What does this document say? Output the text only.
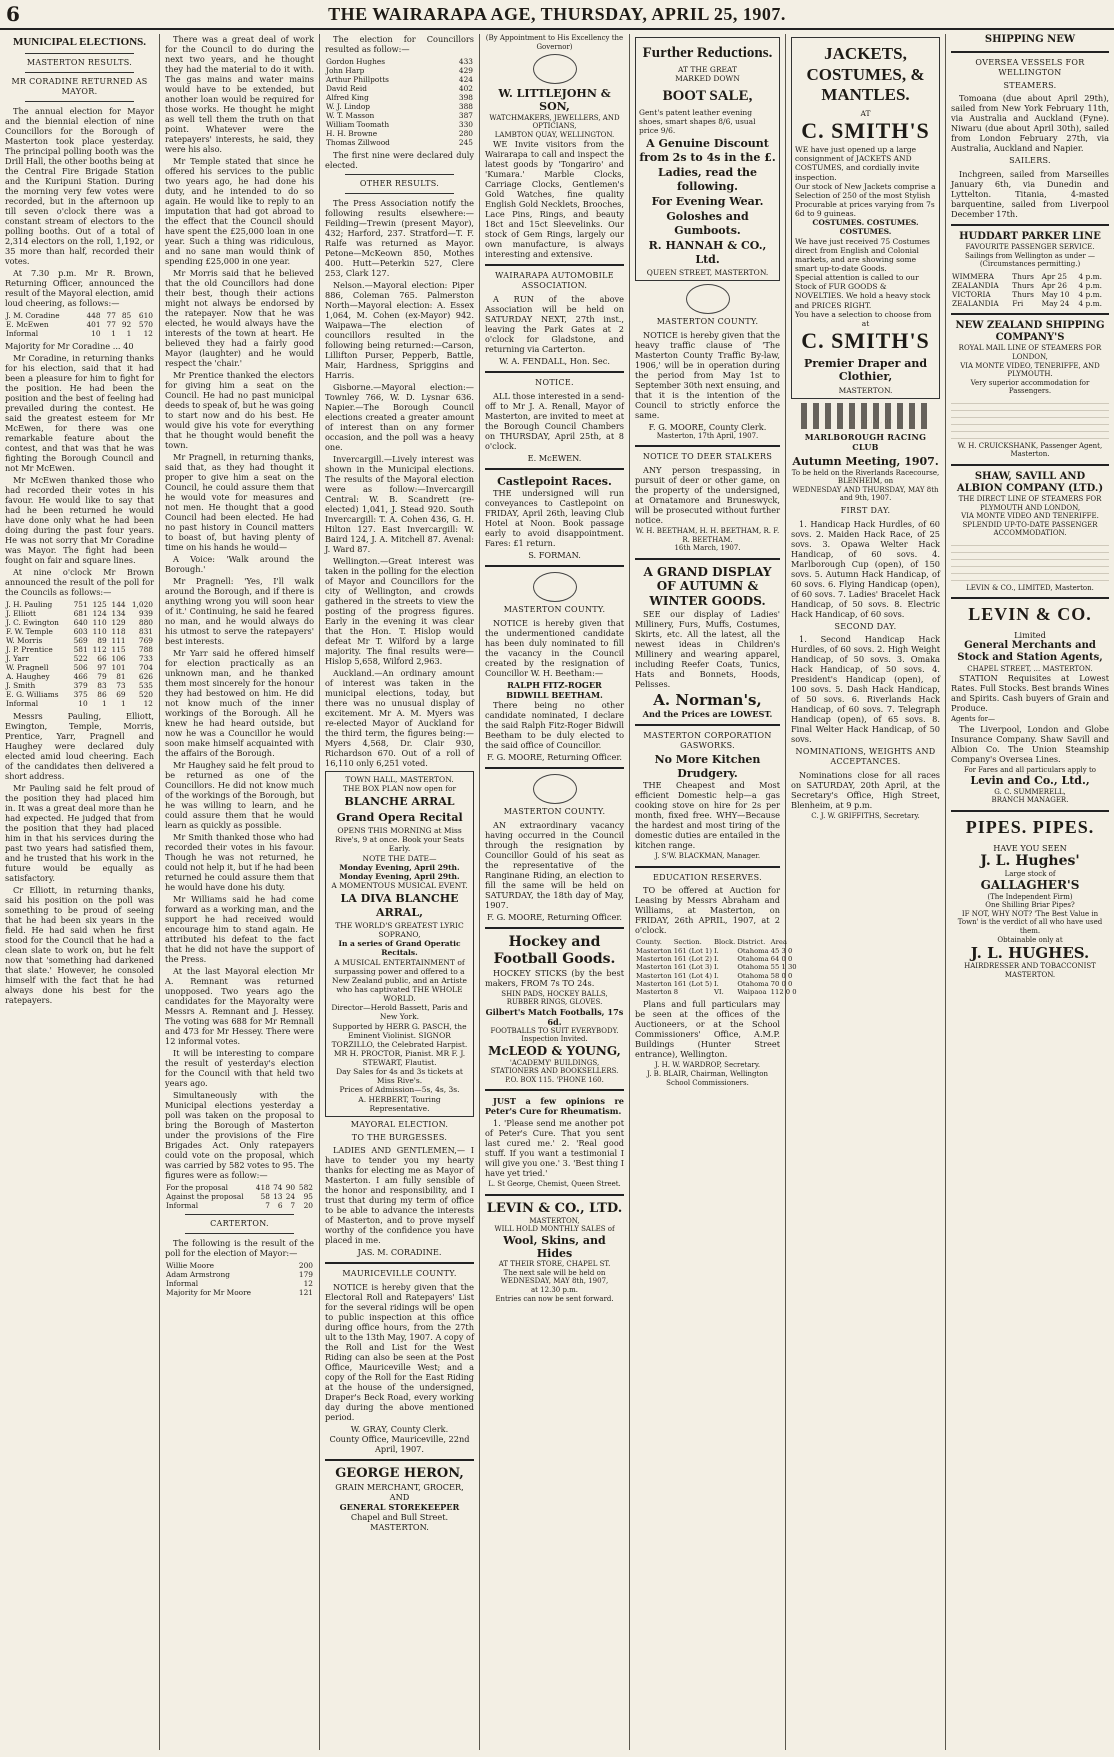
6	THE WAIRARAPA AGE, THURSDAY, APRIL 25, 1907.
MUNICIPAL ELECTIONS.
MASTERTON RESULTS.
MR CORADINE RETURNED AS MAYOR.

The annual election for Mayor and the biennial election of nine Councillors for the Borough of Masterton took place yesterday. The principal polling booth was the Drill Hall, the other booths being at the Central Fire Brigade Station and the Kuripuni Station. During the morning very few votes were recorded, but in the afternoon up till seven o'clock there was a constant stream of electors to the polling booths. Out of a total of 2,314 electors on the roll, 1,192, or 35 more than half, recorded their votes.

At 7.30 p.m. Mr R. Brown, Returning Officer, announced the result of the Mayoral election, amid loud cheering, as follows:—

J. M. Coradine	448	77	85	610
E. McEwen	401	77	92	570
Informal	10	1	1	12

Majority for Mr Coradine ... 40

Mr Coradine, in returning thanks for his election, said that it had been a pleasure for him to fight for the position. He had been the position and the best of feeling had prevailed during the contest. He said the greatest esteem for Mr McEwen, for there was one remarkable feature about the contest, and that was that he was fighting the Borough Council and not Mr McEwen.

Mr McEwen thanked those who had recorded their votes in his favour. He would like to say that had he been returned he would have done only what he had been doing during the past four years. He was not sorry that Mr Coradine was Mayor. The fight had been fought on fair and square lines.

At nine o'clock Mr Brown announced the result of the poll for the Councils as follows:—

J. H. Pauling	751	125	144	1,020
J. Elliott	681	124	134	939
J. C. Ewington	640	110	129	880
F. W. Temple	603	110	118	831
W. Morris	569	89	111	769
J. P. Prentice	581	112	115	788
J. Yarr	522	66	106	733
W. Pragnell	506	97	101	704
A. Haughey	466	79	81	626
J. Smith	379	83	73	535
E. G. Williams	375	86	69	520
Informal	10	1	1	12

Messrs Pauling, Elliott, Ewington, Temple, Morris, Prentice, Yarr, Pragnell and Haughey were declared duly elected amid loud cheering. Each of the candidates then delivered a short address.

Mr Pauling said he felt proud of the position they had placed him in. It was a great deal more than he had expected. He judged that from the position that they had placed him in that his services during the past two years had satisfied them, and he trusted that his work in the future would be equally as satisfactory.

Cr Elliott, in returning thanks, said his position on the poll was something to be proud of seeing that he had been six years in the field. He had said when he first stood for the Council that he had a clean slate to work on, but he felt now that 'something had darkened that slate.' However, he consoled himself with the fact that he had always done his best for the ratepayers.

There was a great deal of work for the Council to do during the next two years, and he thought they had the material to do it with. The gas mains and water mains would have to be extended, but another loan would be required for those works. He thought he might as well tell them the truth on that point. Whatever were the ratepayers' interests, he said, they were his also.

Mr Temple stated that since he offered his services to the public two years ago, he had done his duty, and he intended to do so again. He would like to reply to an imputation that had got abroad to the effect that the Council should have spent the £25,000 loan in one year. Such a thing was ridiculous, and no sane man would think of spending £25,000 in one year.

Mr Morris said that he believed that the old Councillors had done their best, though their actions might not always be endorsed by the ratepayer. Now that he was elected, he would always have the interests of the town at heart. He believed they had a fairly good Mayor (laughter) and he would respect the 'chair.'

Mr Prentice thanked the electors for giving him a seat on the Council. He had no past municipal deeds to speak of, but he was going to start now and do his best. He would give his vote for everything that he thought would benefit the town.

Mr Pragnell, in returning thanks, said that, as they had thought it proper to give him a seat on the Council, he could assure them that he would vote for measures and not men. He thought that a good Council had been elected. He had no past history in Council matters to boast of, but having plenty of time on his hands he would—

A Voice: 'Walk around the Borough.'

Mr Pragnell: 'Yes, I'll walk around the Borough, and if there is anything wrong you will soon hear of it.' Continuing, he said he feared no man, and he would always do his utmost to serve the ratepayers' best interests.

Mr Yarr said he offered himself for election practically as an unknown man, and he thanked them most sincerely for the honour they had bestowed on him. He did not know much of the inner workings of the Borough. All he knew he had heard outside, but now he was a Councillor he would soon make himself acquainted with the affairs of the Borough.

Mr Haughey said he felt proud to be returned as one of the Councillors. He did not know much of the workings of the Borough, but he was willing to learn, and he could assure them that he would learn as quickly as possible.

Mr Smith thanked those who had recorded their votes in his favour. Though he was not returned, he could not help it, but if he had been returned he could assure them that he would have done his duty.

Mr Williams said he had come forward as a working man, and the support he had received would encourage him to stand again. He attributed his defeat to the fact that he did not have the support of the Press.

At the last Mayoral election Mr A. Remnant was returned unopposed. Two years ago the candidates for the Mayoralty were Messrs A. Remnant and J. Hessey. The voting was 688 for Mr Remnall and 473 for Mr Hessey. There were 12 informal votes.

It will be interesting to compare the result of yesterday's election for the Council with that held two years ago.

Simultaneously with the Municipal elections yesterday a poll was taken on the proposal to bring the Borough of Masterton under the provisions of the Fire Brigades Act. Only ratepayers could vote on the proposal, which was carried by 582 votes to 95. The figures were as follow:—

For the proposal	418	74	90	582
Against the proposal	58	13	24	95
Informal	7	6	7	20
CARTERTON.

The following is the result of the poll for the election of Mayor:—

Willie Moore	200
Adam Armstrong	179
Informal	12
Majority for Mr Moore	121

The election for Councillors resulted as follow:—

Gordon Hughes	433
John Harp	429
Arthur Phillpotts	424
David Reid	402
Alfred King	398
W. J. Lindop	388
W. T. Masson	387
William Toomath	330
H. H. Browne	280
Thomas Zillwood	245

The first nine were declared duly elected.

OTHER RESULTS.

The Press Association notify the following results elsewhere:— Feilding—Trewin (present Mayor), 432; Harford, 237. Stratford—T. F. Ralfe was returned as Mayor. Petone—McKeown 850, Mothes 400. Hutt—Peterkin 527, Clere 253, Clark 127.

Nelson.—Mayoral election: Piper 886, Coleman 765. Palmerston North—Mayoral election: A. Essex 1,064, M. Cohen (ex-Mayor) 942. Waipawa—The election of councillors resulted in the following being returned:—Carson, Lillifton Purser, Pepperb, Battle, Mair, Hardness, Spriggins and Harris.

Gisborne.—Mayoral election:—Townley 766, W. D. Lysnar 636. Napier.—The Borough Council elections created a greater amount of interest than on any former occasion, and the poll was a heavy one.

Invercargill.—Lively interest was shown in the Municipal elections. The results of the Mayoral election were as follow:—Invercargill Central: W. B. Scandrett (re-elected) 1,041, J. Stead 920. South Invercargill: T. A. Cohen 436, G. H. Hilton 127. East Invercargill: W. Baird 124, J. A. Mitchell 87. Avenal: J. Ward 87.

Wellington.—Great interest was taken in the polling for the election of Mayor and Councillors for the city of Wellington, and crowds gathered in the streets to view the posting of the progress figures. Early in the evening it was clear that the Hon. T. Hislop would defeat Mr T. Wilford by a large majority. The final results were—Hislop 5,658, Wilford 2,963.

Auckland.—An ordinary amount of interest was taken in the municipal elections, today, but there was no unusual display of excitement. Mr A. M. Myers was re-elected Mayor of Auckland for the third term, the figures being:—Myers 4,568, Dr. Clair 930, Richardson 670. Out of a roll of 16,110 only 6,251 voted.

TOWN HALL, MASTERTON.
THE BOX PLAN now open for
BLANCHE ARRAL
Grand Opera Recital
OPENS THIS MORNING at Miss Rive's, 9 at once. Book your Seats Early.
NOTE THE DATE—
Monday Evening, April 29th. Monday Evening, April 29th.
A MOMENTOUS MUSICAL EVENT.
LA DIVA BLANCHE ARRAL,
THE WORLD'S GREATEST LYRIC SOPRANO,
In a series of Grand Operatic Recitals.
A MUSICAL ENTERTAINMENT of surpassing power and offered to a New Zealand public, and an Artiste who has captivated THE WHOLE WORLD.
Director—Herold Bassett, Paris and New York.
Supported by HERR G. PASCH, the Eminent Violinist. SIGNOR TORZILLO, the Celebrated Harpist. MR H. PROCTOR, Pianist. MR F. J. STEWART, Flautist.
Day Sales for 4s and 3s tickets at Miss Rive's.
Prices of Admission—5s, 4s, 3s.
A. HERBERT, Touring Representative.
MAYORAL ELECTION.
TO THE BURGESSES.

LADIES AND GENTLEMEN,— I have to tender you my hearty thanks for electing me as Mayor of Masterton. I am fully sensible of the honor and responsibility, and I trust that during my term of office to be able to advance the interests of Masterton, and to prove myself worthy of the confidence you have placed in me.

JAS. M. CORADINE.
MAURICEVILLE COUNTY.

NOTICE is hereby given that the Electoral Roll and Ratepayers' List for the several ridings will be open to public inspection at this office during office hours, from the 27th ult to the 13th May, 1907. A copy of the Roll and List for the West Riding can also be seen at the Post Office, Mauriceville West; and a copy of the Roll for the East Riding at the house of the undersigned, Draper's Beck Road, every working day during the above mentioned period.

W. GRAY, County Clerk.
County Office, Mauriceville, 22nd April, 1907.
GEORGE HERON,
GRAIN MERCHANT, GROCER, AND
GENERAL STOREKEEPER
Chapel and Bull Street. MASTERTON.
(By Appointment to His Excellency the Governor)
W. LITTLEJOHN & SON,
WATCHMAKERS, JEWELLERS, AND OPTICIANS,
LAMBTON QUAY, WELLINGTON.

WE Invite visitors from the Wairarapa to call and inspect the latest goods by 'Tongariro' and 'Kumara.' Marble Clocks, Carriage Clocks, Gentlemen's Gold Watches, fine quality English Gold Necklets, Brooches, Lace Pins, Rings, and beauty 18ct and 15ct Sleevelinks. Our stock of Gem Rings, largely our own manufacture, is always interesting and extensive.

WAIRARAPA AUTOMOBILE ASSOCIATION.

A RUN of the above Association will be held on SATURDAY NEXT, 27th inst., leaving the Park Gates at 2 o'clock for Gladstone, and returning via Carterton.

W. A. FENDALL, Hon. Sec.
NOTICE.

ALL those interested in a send-off to Mr J. A. Renall, Mayor of Masterton, are invited to meet at the Borough Council Chambers on THURSDAY, April 25th, at 8 o'clock.

E. McEWEN.
Castlepoint Races.

THE undersigned will run conveyances to Castlepoint on FRIDAY, April 26th, leaving Club Hotel at Noon. Book passage early to avoid disappointment. Fares: £1 return.

S. FORMAN.
MASTERTON COUNTY.

NOTICE is hereby given that the undermentioned candidate has been duly nominated to fill the vacancy in the Council created by the resignation of Councillor W. H. Beetham:—

RALPH FITZ-ROGER BIDWILL BEETHAM.

There being no other candidate nominated, I declare the said Ralph Fitz-Roger Bidwill Beetham to be duly elected to the said office of Councillor.

F. G. MOORE, Returning Officer.
MASTERTON COUNTY.

AN extraordinary vacancy having occurred in the Council through the resignation by Councillor Gould of his seat as the representative of the Ranginane Riding, an election to fill the same will be held on SATURDAY, the 18th day of May, 1907.

F. G. MOORE, Returning Officer.
Hockey and Football Goods.

HOCKEY STICKS (by the best makers, FROM 7s TO 24s.

SHIN PADS, HOCKEY BALLS, RUBBER RINGS, GLOVES.
Gilbert's Match Footballs, 17s 6d.
FOOTBALLS TO SUIT EVERYBODY.
Inspection Invited.
McLEOD & YOUNG,
'ACADEMY' BUILDINGS, STATIONERS AND BOOKSELLERS.
P.O. BOX 115. 'PHONE 160.

JUST a few opinions re Peter's Cure for Rheumatism.

1. 'Please send me another pot of Peter's Cure. That you sent last cured me.' 2. 'Real good stuff. If you want a testimonial I will give you one.' 3. 'Best thing I have yet tried.'

L. St George, Chemist, Queen Street.
LEVIN & CO., LTD.
MASTERTON,
WILL HOLD MONTHLY SALES of
Wool, Skins, and Hides
AT THEIR STORE, CHAPEL ST.
The next sale will be held on
WEDNESDAY, MAY 8th, 1907,
at 12.30 p.m.
Entries can now be sent forward.
Further Reductions.
AT THE GREAT
MARKED DOWN
BOOT SALE,
Gent's patent leather evening shoes, smart shapes 8/6, usual price 9/6.
A Genuine Discount from 2s to 4s in the £.
Ladies, read the following.
For Evening Wear.
Goloshes and Gumboots.
R. HANNAH & CO., Ltd.
QUEEN STREET, MASTERTON.
MASTERTON COUNTY.

NOTICE is hereby given that the heavy traffic clause of 'The Masterton County Traffic By-law, 1906,' will be in operation during the period from May 1st to September 30th next ensuing, and that it is the intention of the Council to strictly enforce the same.

F. G. MOORE, County Clerk.
Masterton, 17th April, 1907.
NOTICE TO DEER STALKERS

ANY person trespassing, in pursuit of deer or other game, on the property of the undersigned, at Ornatamore and Bruneswyck, will be prosecuted without further notice.

W. H. BEETHAM, H. H. BEETHAM, R. F. R. BEETHAM.
16th March, 1907.
A GRAND DISPLAY OF AUTUMN & WINTER GOODS.

SEE our display of Ladies' Millinery, Furs, Muffs, Costumes, Skirts, etc. All the latest, all the newest ideas in Children's Millinery and wearing apparel, including Reefer Coats, Tunics, Hats and Bonnets, Hoods, Pelisses.

A. Norman's,
And the Prices are LOWEST.
MASTERTON CORPORATION GASWORKS.
No More Kitchen Drudgery.

THE Cheapest and Most efficient Domestic help—a gas cooking stove on hire for 2s per month, fixed free. WHY—Because the hardest and most tiring of the domestic duties are entailed in the kitchen range.

J. S'W. BLACKMAN, Manager.
EDUCATION RESERVES.

TO be offered at Auction for Leasing by Messrs Abraham and Williams, at Masterton, on FRIDAY, 26th APRIL, 1907, at 2 o'clock.

County.	Section.	Block.	District.	Area
Masterton	161 (Lot 1)	I.	Otahoma	45 3 0
Masterton	161 (Lot 2)	I.	Otahoma	64 0 0
Masterton	161 (Lot 3)	I.	Otahoma	55 1 30
Masterton	161 (Lot 4)	I.	Otahoma	58 0 0
Masterton	161 (Lot 5)	I.	Otahoma	70 0 0
Masterton	8	VI.	Waipaoa	112 0 0

Plans and full particulars may be seen at the offices of the Auctioneers, or at the School Commissioners' Office, A.M.P. Buildings (Hunter Street entrance), Wellington.

J. H. W. WARDROP, Secretary.
J. B. BLAIR, Chairman, Wellington School Commissioners.
JACKETS, COSTUMES, & MANTLES.
AT
C. SMITH'S
WE have just opened up a large consignment of JACKETS AND COSTUMES, and cordially invite inspection.
Our stock of New Jackets comprise a Selection of 250 of the most Stylish Procurable at prices varying from 7s 6d to 9 guineas.
COSTUMES. COSTUMES. COSTUMES.
We have just received 75 Costumes direct from English and Colonial markets, and are showing some smart up-to-date Goods.
Special attention is called to our Stock of FUR GOODS & NOVELTIES. We hold a heavy stock and PRICES RIGHT.
You have a selection to choose from
at
C. SMITH'S
Premier Draper and Clothier,
MASTERTON.
MARLBOROUGH RACING CLUB
Autumn Meeting, 1907.
To be held on the Riverlands Racecourse, BLENHEIM, on
WEDNESDAY AND THURSDAY, MAY 8th and 9th, 1907.
FIRST DAY.

1. Handicap Hack Hurdles, of 60 sovs. 2. Maiden Hack Race, of 25 sovs. 3. Opawa Welter Hack Handicap, of 60 sovs. 4. Marlborough Cup (open), of 150 sovs. 5. Autumn Hack Handicap, of 60 sovs. 6. Flying Handicap (open), of 60 sovs. 7. Ladies' Bracelet Hack Handicap, of 50 sovs. 8. Electric Hack Handicap, of 60 sovs.

SECOND DAY.

1. Second Handicap Hack Hurdles, of 60 sovs. 2. High Weight Handicap, of 50 sovs. 3. Omaka Hack Handicap, of 50 sovs. 4. President's Handicap (open), of 100 sovs. 5. Dash Hack Handicap, of 50 sovs. 6. Riverlands Hack Handicap, of 60 sovs. 7. Telegraph Handicap (open), of 65 sovs. 8. Final Welter Hack Handicap, of 50 sovs.

NOMINATIONS, WEIGHTS AND ACCEPTANCES.

Nominations close for all races on SATURDAY, 20th April, at the Secretary's Office, High Street, Blenheim, at 9 p.m.

C. J. W. GRIFFITHS, Secretary.
SHIPPING NEW
OVERSEA VESSELS FOR WELLINGTON
STEAMERS.

Tomoana (due about April 29th), sailed from New York February 11th, via Australia and Auckland (Fyne). Niwaru (due about April 30th), sailed from London February 27th, via Australia, Auckland and Napier.

SAILERS.

Inchgreen, sailed from Marseilles January 6th, via Dunedin and Lyttelton. Titania, 4-masted barquentine, sailed from Liverpool December 17th.

HUDDART PARKER LINE
FAVOURITE PASSENGER SERVICE.
Sailings from Wellington as under — (Circumstances permitting.)
WIMMERA	Thurs	Apr 25	4 p.m.
ZEALANDIA	Thurs	Apr 26	4 p.m.
VICTORIA	Thurs	May 10	4 p.m.
ZEALANDIA	Fri	May 24	4 p.m.
NEW ZEALAND SHIPPING COMPANY'S
ROYAL MAIL LINE OF STEAMERS FOR LONDON,
VIA MONTE VIDEO, TENERIFFE, AND PLYMOUTH.
Very superior accommodation for Passengers.
W. H. CRUICKSHANK, Passenger Agent, Masterton.
SHAW, SAVILL AND ALBION COMPANY (LTD.)
THE DIRECT LINE OF STEAMERS FOR PLYMOUTH AND LONDON,
VIA MONTE VIDEO AND TENERIFFE.
SPLENDID UP-TO-DATE PASSENGER ACCOMMODATION.
LEVIN & CO., LIMITED, Masterton.
LEVIN & CO.
Limited
General Merchants and Stock and Station Agents,
CHAPEL STREET, ... MASTERTON.

STATION Requisites at Lowest Rates. Full Stocks. Best brands Wines and Spirits. Cash buyers of Grain and Produce.

Agents for—

The Liverpool, London and Globe Insurance Company. Shaw Savill and Albion Co. The Union Steamship Company's Oversea Lines.

For Fares and all particulars apply to
Levin and Co., Ltd.,
G. C. SUMMERELL,
BRANCH MANAGER.
PIPES. PIPES.
HAVE YOU SEEN
J. L. Hughes'
Large stock of
GALLAGHER'S
(The Independent Firm)
One Shilling Briar Pipes?
IF NOT, WHY NOT? 'The Best Value in Town' is the verdict of all who have used them.
Obtainable only at
J. L. HUGHES.
HAIRDRESSER AND TOBACCONIST
MASTERTON.
